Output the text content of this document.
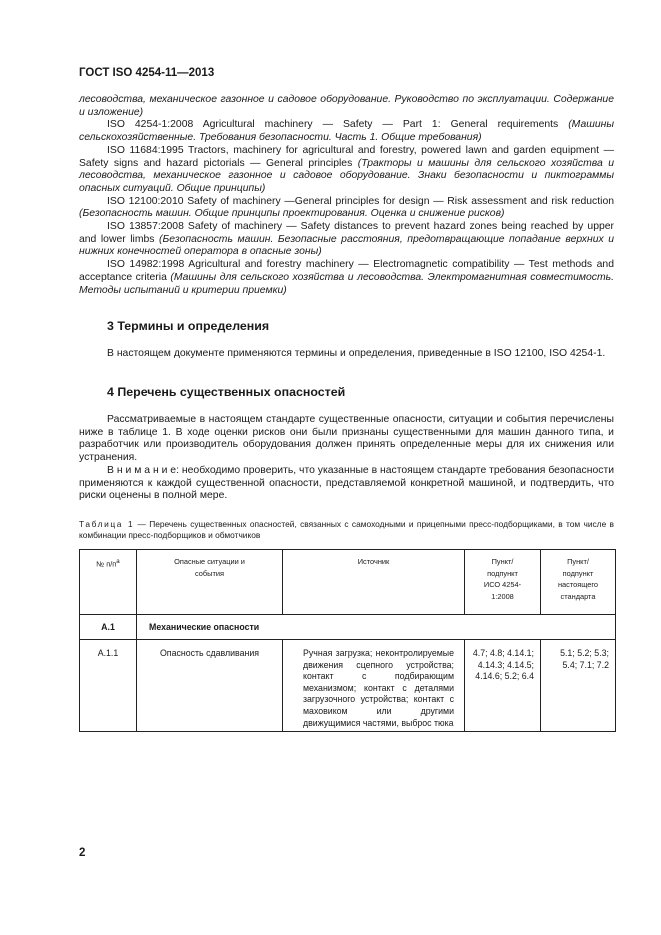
ГОСТ ISO 4254-11—2013

лесоводства, механическое газонное и садовое оборудование. Руководство по эксплуатации. Содержание и изложение)

ISO 4254-1:2008 Agricultural machinery — Safety — Part 1: General requirements (Машины сельскохозяйственные. Требования безопасности. Часть 1. Общие требования)

ISO 11684:1995 Tractors, machinery for agricultural and forestry, powered lawn and garden equipment — Safety signs and hazard pictorials — General principles (Тракторы и машины для сельского хозяйства и лесоводства, механическое газонное и садовое оборудование. Знаки безопасности и пиктограммы опасных ситуаций. Общие принципы)

ISO 12100:2010 Safety of machinery —General principles for design — Risk assessment and risk reduction (Безопасность машин. Общие принципы проектирования. Оценка и снижение рисков)

ISO 13857:2008 Safety of machinery — Safety distances to prevent hazard zones being reached by upper and lower limbs (Безопасность машин. Безопасные расстояния, предотвращающие попадание верхних и нижних конечностей оператора в опасные зоны)

ISO 14982:1998 Agricultural and forestry machinery — Electromagnetic compatibility — Test methods and acceptance criteria (Машины для сельского хозяйства и лесоводства. Электромагнитная совместимость. Методы испытаний и критерии приемки)

3 Термины и определения

В настоящем документе применяются термины и определения, приведенные в ISO 12100, ISO 4254-1.

4 Перечень существенных опасностей

Рассматриваемые в настоящем стандарте существенные опасности, ситуации и события перечислены ниже в таблице 1. В ходе оценки рисков они были признаны существенными для машин данного типа, и разработчик или производитель оборудования должен принять определенные меры для их снижения или устранения.

В н и м а н и е: необходимо проверить, что указанные в настоящем стандарте требования безопасности применяются к каждой существенной опасности, представляемой конкретной машиной, и подтвердить, что риски оценены в полной мере.

Таблица 1 — Перечень существенных опасностей, связанных с самоходными и прицепными пресс-подборщиками, в том числе в комбинации пресс-подборщиков и обмотчиков
№ $п/п^a$	Опасные ситуации и события	Источник	Пункт/ подпункт ИСО 4254-1:2008	Пункт/ подпункт настоящего стандарта

А.1	Механические опасности			
А.1.1	Опасность сдавливания	Ручная загрузка; неконтролируемые движения сцепного устройства; контакт с подбирающим механизмом; контакт с деталями загрузочного устройства; контакт с маховиком или другими движущимися частями, выброс тюка	4.7; 4.8; 4.14.1; 4.14.3; 4.14.5; 4.14.6; 5.2; 6.4	5.1; 5.2; 5.3; 5.4; 7.1; 7.2
2
